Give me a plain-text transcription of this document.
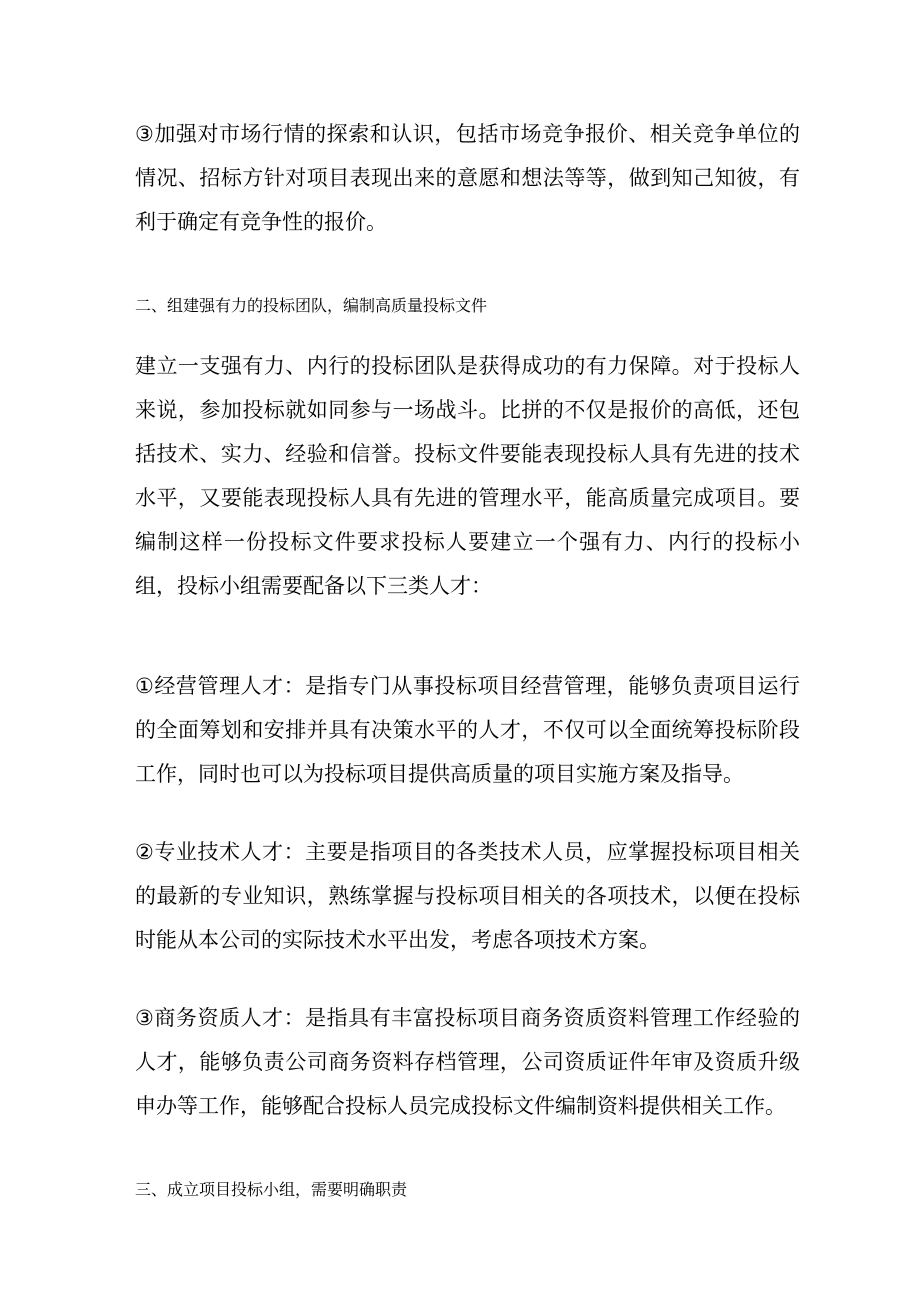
③加强对市场行情的探索和认识，包括市场竞争报价、相关竞争单位的情况、招标方针对项目表现出来的意愿和想法等等，做到知己知彼，有利于确定有竞争性的报价。

二、组建强有力的投标团队，编制高质量投标文件

建立一支强有力、内行的投标团队是获得成功的有力保障。对于投标人来说，参加投标就如同参与一场战斗。比拼的不仅是报价的高低，还包括技术、实力、经验和信誉。投标文件要能表现投标人具有先进的技术水平，又要能表现投标人具有先进的管理水平，能高质量完成项目。要编制这样一份投标文件要求投标人要建立一个强有力、内行的投标小组，投标小组需要配备以下三类人才：

①经营管理人才：是指专门从事投标项目经营管理，能够负责项目运行的全面筹划和安排并具有决策水平的人才，不仅可以全面统筹投标阶段工作，同时也可以为投标项目提供高质量的项目实施方案及指导。

②专业技术人才：主要是指项目的各类技术人员，应掌握投标项目相关的最新的专业知识，熟练掌握与投标项目相关的各项技术，以便在投标时能从本公司的实际技术水平出发，考虑各项技术方案。

③商务资质人才：是指具有丰富投标项目商务资质资料管理工作经验的人才，能够负责公司商务资料存档管理，公司资质证件年审及资质升级申办等工作，能够配合投标人员完成投标文件编制资料提供相关工作。

三、成立项目投标小组，需要明确职责
